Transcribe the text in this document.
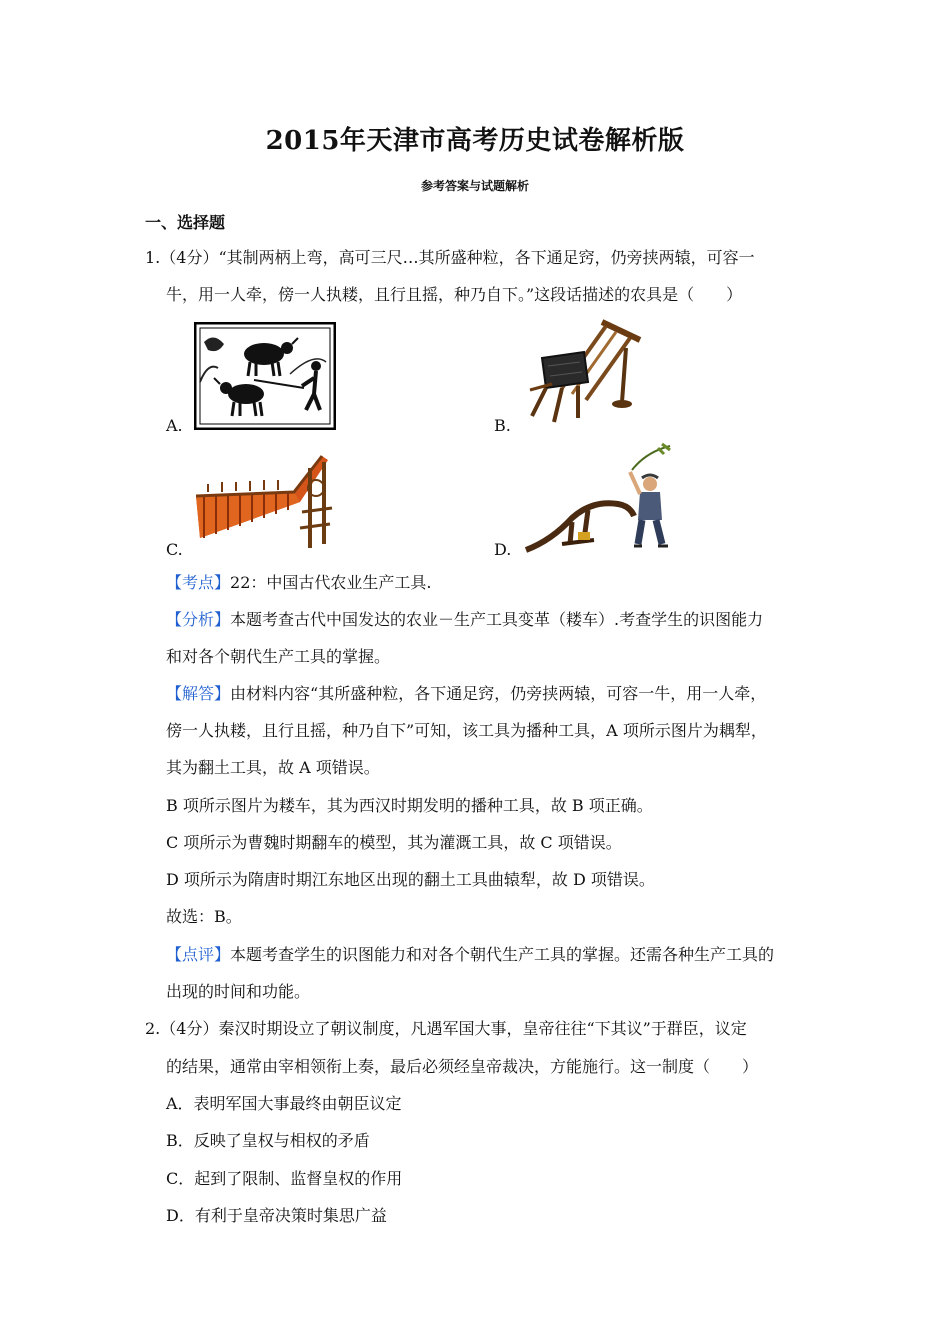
2015年天津市高考历史试卷解析版
参考答案与试题解析
一、选择题
1.（4分）“其制两柄上弯，高可三尺…其所盛种粒，各下通足窍，仍旁挟两辕，可容一
牛，用一人牵，傍一人执耧，且行且摇，种乃自下。”这段话描述的农具是（　　）
A.	B.
C.	D.
【考点】22：中国古代农业生产工具.
【分析】本题考查古代中国发达的农业－生产工具变革（耧车）.考查学生的识图能力
和对各个朝代生产工具的掌握。
【解答】由材料内容“其所盛种粒，各下通足窍，仍旁挟两辕，可容一牛，用一人牵，
傍一人执耧，且行且摇，种乃自下”可知，该工具为播种工具，A 项所示图片为耦犁，
其为翻土工具，故 A 项错误。
B 项所示图片为耧车，其为西汉时期发明的播种工具，故 B 项正确。
C 项所示为曹魏时期翻车的模型，其为灌溉工具，故 C 项错误。
D 项所示为隋唐时期江东地区出现的翻土工具曲辕犁，故 D 项错误。
故选：B。
【点评】本题考查学生的识图能力和对各个朝代生产工具的掌握。还需各种生产工具的
出现的时间和功能。
2.（4分）秦汉时期设立了朝议制度，凡遇军国大事，皇帝往往“下其议”于群臣，议定
的结果，通常由宰相领衔上奏，最后必须经皇帝裁决，方能施行。这一制度（　　）
A．表明军国大事最终由朝臣议定
B．反映了皇权与相权的矛盾
C．起到了限制、监督皇权的作用
D．有利于皇帝决策时集思广益
